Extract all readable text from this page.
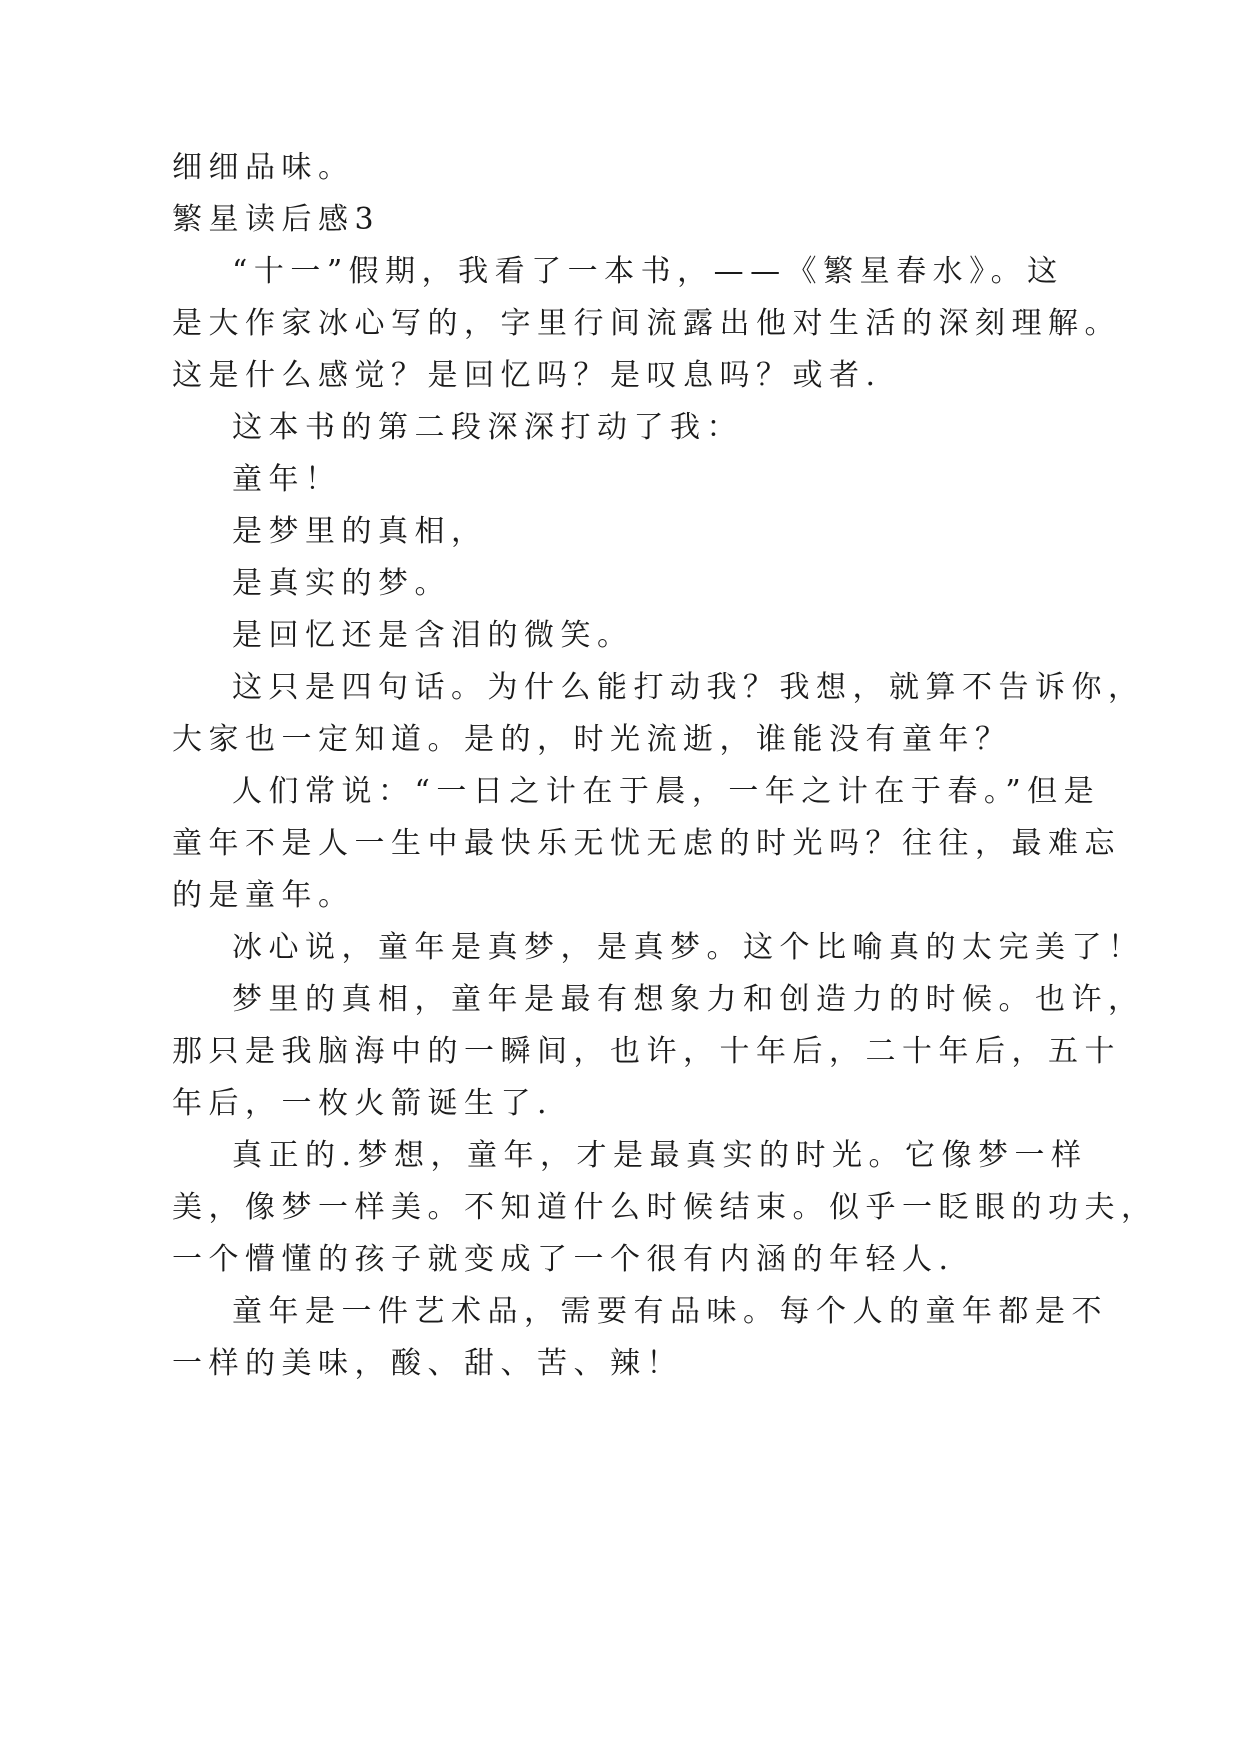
细细品味。
繁星读后感3
“十一”假期，我看了一本书，——《繁星春水》。这
是大作家冰心写的，字里行间流露出他对生活的深刻理解。
这是什么感觉？是回忆吗？是叹息吗？或者.
这本书的第二段深深打动了我：
童年！
是梦里的真相，
是真实的梦。
是回忆还是含泪的微笑。
这只是四句话。为什么能打动我？我想，就算不告诉你，
大家也一定知道。是的，时光流逝，谁能没有童年？
人们常说：“一日之计在于晨，一年之计在于春。”但是
童年不是人一生中最快乐无忧无虑的时光吗？往往，最难忘
的是童年。
冰心说，童年是真梦，是真梦。这个比喻真的太完美了！
梦里的真相，童年是最有想象力和创造力的时候。也许，
那只是我脑海中的一瞬间，也许，十年后，二十年后，五十
年后，一枚火箭诞生了.
真正的.梦想，童年，才是最真实的时光。它像梦一样
美，像梦一样美。不知道什么时候结束。似乎一眨眼的功夫，
一个懵懂的孩子就变成了一个很有内涵的年轻人.
童年是一件艺术品，需要有品味。每个人的童年都是不
一样的美味，酸、甜、苦、辣！
